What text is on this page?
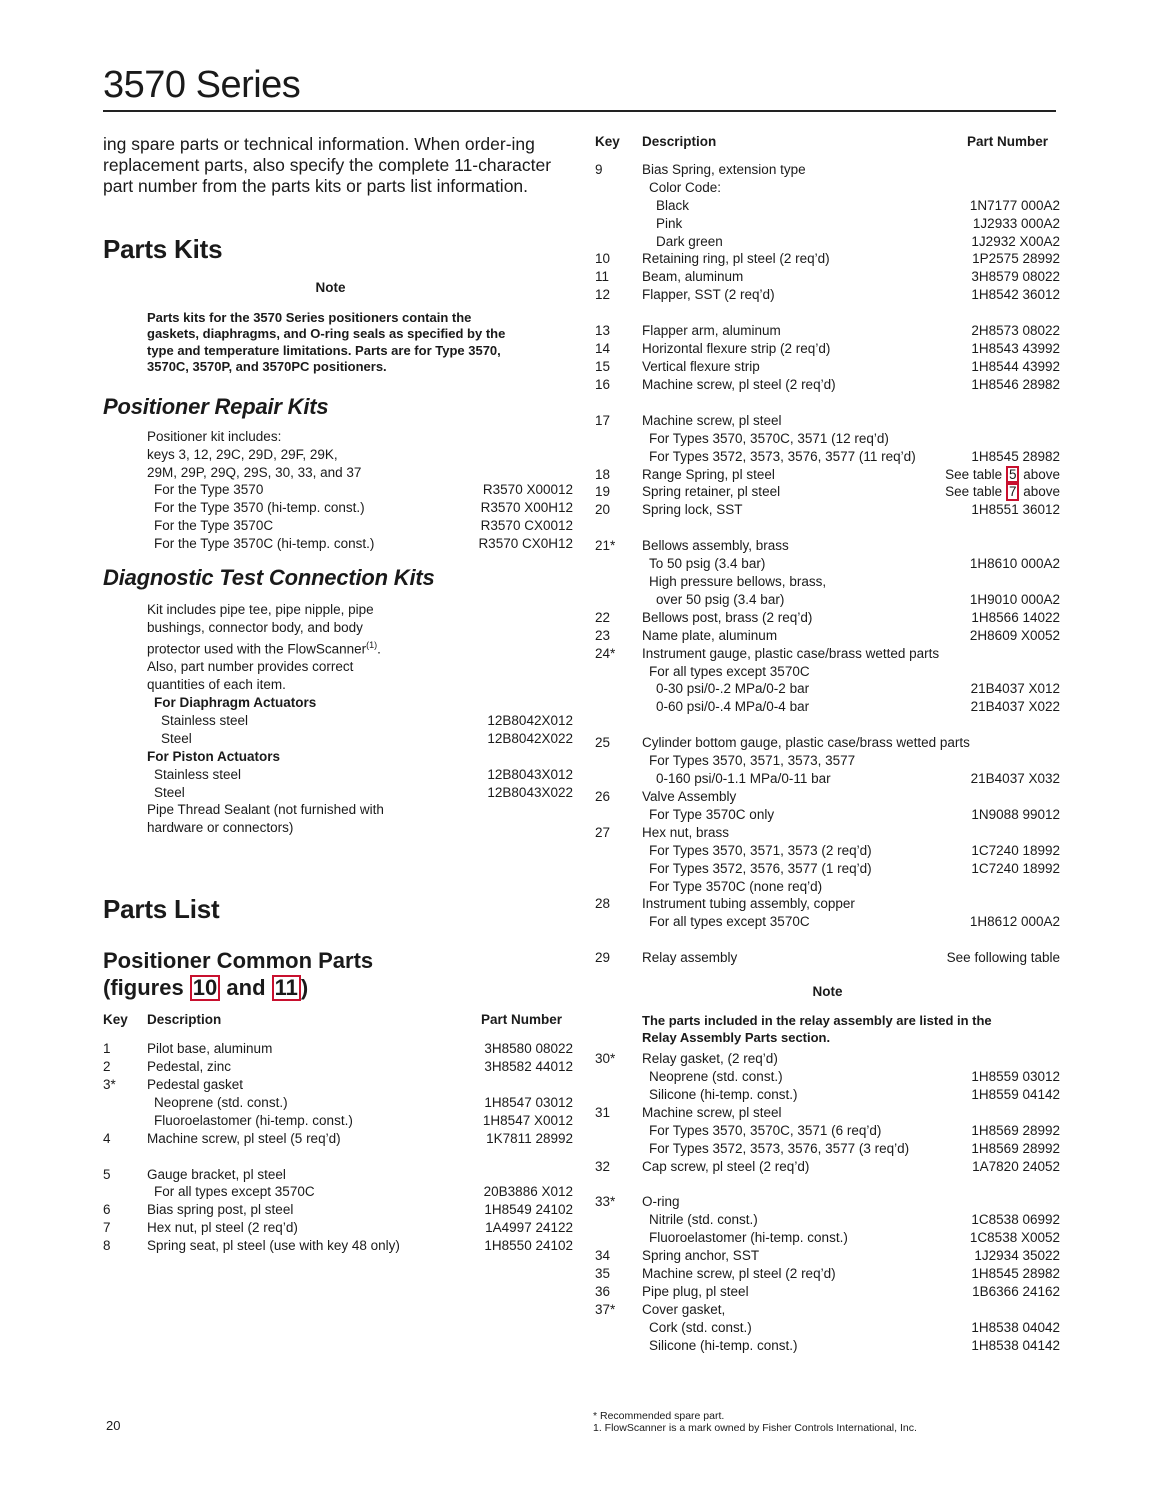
3570 Series
ing spare parts or technical information. When order-ing replacement parts, also specify the complete 11-character part number from the parts kits or parts list information.
Parts Kits
Note
Parts kits for the 3570 Series positioners contain the gaskets, diaphragms, and O-ring seals as specified by the type and temperature limitations. Parts are for Type 3570, 3570C, 3570P, and 3570PC positioners.
Positioner Repair Kits
Positioner kit includes:
keys 3, 12, 29C, 29D, 29F, 29K,
29M, 29P, 29Q, 29S, 30, 33, and 37
For the Type 3570	R3570 X00012
For the Type 3570 (hi-temp. const.)	R3570 X00H12
For the Type 3570C	R3570 CX0012
For the Type 3570C (hi-temp. const.)	R3570 CX0H12
Diagnostic Test Connection Kits
Kit includes pipe tee, pipe nipple, pipe
bushings, connector body, and body
protector used with the FlowScanner$^{(1)}$.
Also, part number provides correct
quantities of each item.
For Diaphragm Actuators
Stainless steel	12B8042X012
Steel	12B8042X022
For Piston Actuators
Stainless steel	12B8043X012
Steel	12B8043X022
Pipe Thread Sealant (not furnished with
hardware or connectors)
Parts List
Positioner Common Parts
(figures 10 and 11 )
Key	Description	Part Number
1	Pilot base, aluminum	3H8580 08022
2	Pedestal, zinc	3H8582 44012
3*	Pedestal gasket
Neoprene (std. const.)	1H8547 03012
Fluoroelastomer (hi-temp. const.)	1H8547 X0012
4	Machine screw, pl steel (5 req’d)	1K7811 28992
5	Gauge bracket, pl steel
For all types except 3570C	20B3886 X012
6	Bias spring post, pl steel	1H8549 24102
7	Hex nut, pl steel (2 req’d)	1A4997 24122
8	Spring seat, pl steel (use with key 48 only)	1H8550 24102
Key	Description	Part Number
9	Bias Spring, extension type
Color Code:
Black	1N7177 000A2
Pink	1J2933 000A2
Dark green	1J2932 X00A2
10	Retaining ring, pl steel (2 req’d)	1P2575 28992
11	Beam, aluminum	3H8579 08022
12	Flapper, SST (2 req’d)	1H8542 36012
13	Flapper arm, aluminum	2H8573 08022
14	Horizontal flexure strip (2 req’d)	1H8543 43992
15	Vertical flexure strip	1H8544 43992
16	Machine screw, pl steel (2 req’d)	1H8546 28982
17	Machine screw, pl steel
For Types 3570, 3570C, 3571 (12 req’d)
For Types 3572, 3573, 3576, 3577 (11 req’d)	1H8545 28982
18	Range Spring, pl steel	See table 5 above
19	Spring retainer, pl steel	See table 7 above
20	Spring lock, SST	1H8551 36012
21*	Bellows assembly, brass
To 50 psig (3.4 bar)	1H8610 000A2
High pressure bellows, brass,
over 50 psig (3.4 bar)	1H9010 000A2
22	Bellows post, brass (2 req’d)	1H8566 14022
23	Name plate, aluminum	2H8609 X0052
24*	Instrument gauge, plastic case/brass wetted parts
For all types except 3570C
0-30 psi/0-.2 MPa/0-2 bar	21B4037 X012
0-60 psi/0-.4 MPa/0-4 bar	21B4037 X022
25	Cylinder bottom gauge, plastic case/brass wetted parts
For Types 3570, 3571, 3573, 3577
0-160 psi/0-1.1 MPa/0-11 bar	21B4037 X032
26	Valve Assembly
For Type 3570C only	1N9088 99012
27	Hex nut, brass
For Types 3570, 3571, 3573 (2 req’d)	1C7240 18992
For Types 3572, 3576, 3577 (1 req’d)	1C7240 18992
For Type 3570C (none req’d)
28	Instrument tubing assembly, copper
For all types except 3570C	1H8612 000A2
29	Relay assembly	See following table
Note
The parts included in the relay assembly are listed in the Relay Assembly Parts section.
30*	Relay gasket, (2 req’d)
Neoprene (std. const.)	1H8559 03012
Silicone (hi-temp. const.)	1H8559 04142
31	Machine screw, pl steel
For Types 3570, 3570C, 3571 (6 req’d)	1H8569 28992
For Types 3572, 3573, 3576, 3577 (3 req’d)	1H8569 28992
32	Cap screw, pl steel (2 req’d)	1A7820 24052
33*	O-ring
Nitrile (std. const.)	1C8538 06992
Fluoroelastomer (hi-temp. const.)	1C8538 X0052
34	Spring anchor, SST	1J2934 35022
35	Machine screw, pl steel (2 req’d)	1H8545 28982
36	Pipe plug, pl steel	1B6366 24162
37*	Cover gasket,
Cork (std. const.)	1H8538 04042
Silicone (hi-temp. const.)	1H8538 04142
20
* Recommended spare part.
1. FlowScanner is a mark owned by Fisher Controls International, Inc.
